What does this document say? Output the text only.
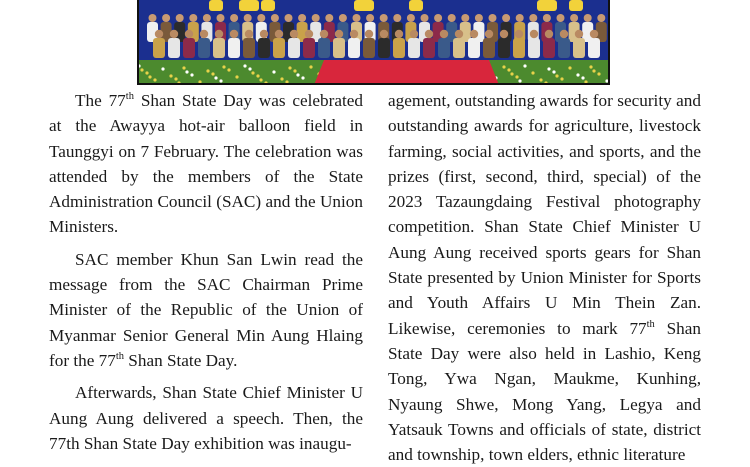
The 77th Shan State Day was celebrated at the Awayya hot-air balloon field in Taunggyi on 7 February. The celebration was attended by the members of the State Administration Council (SAC) and the Union Ministers.

SAC member Khun San Lwin read the message from the SAC Chairman Prime Minister of the Republic of the Union of Myanmar Senior General Min Aung Hlaing for the 77th Shan State Day.

Afterwards, Shan State Chief Minister U Aung Aung delivered a speech. Then, the 77th Shan State Day exhibition was inaugu-

agement, outstanding awards for security and outstanding awards for agriculture, livestock farming, social activities, and sports, and the prizes (first, second, third, special) of the 2023 Tazaungdaing Festival photography competition. Shan State Chief Minister U Aung Aung received sports gears for Shan State presented by Union Minister for Sports and Youth Affairs U Min Thein Zan. Likewise, ceremonies to mark 77th Shan State Day were also held in Lashio, Keng Tong, Ywa Ngan, Maukme, Kunhing, Nyaung Shwe, Mong Yang, Legya and Yatsauk Towns and officials of state, district and township, town elders, ethnic literature
